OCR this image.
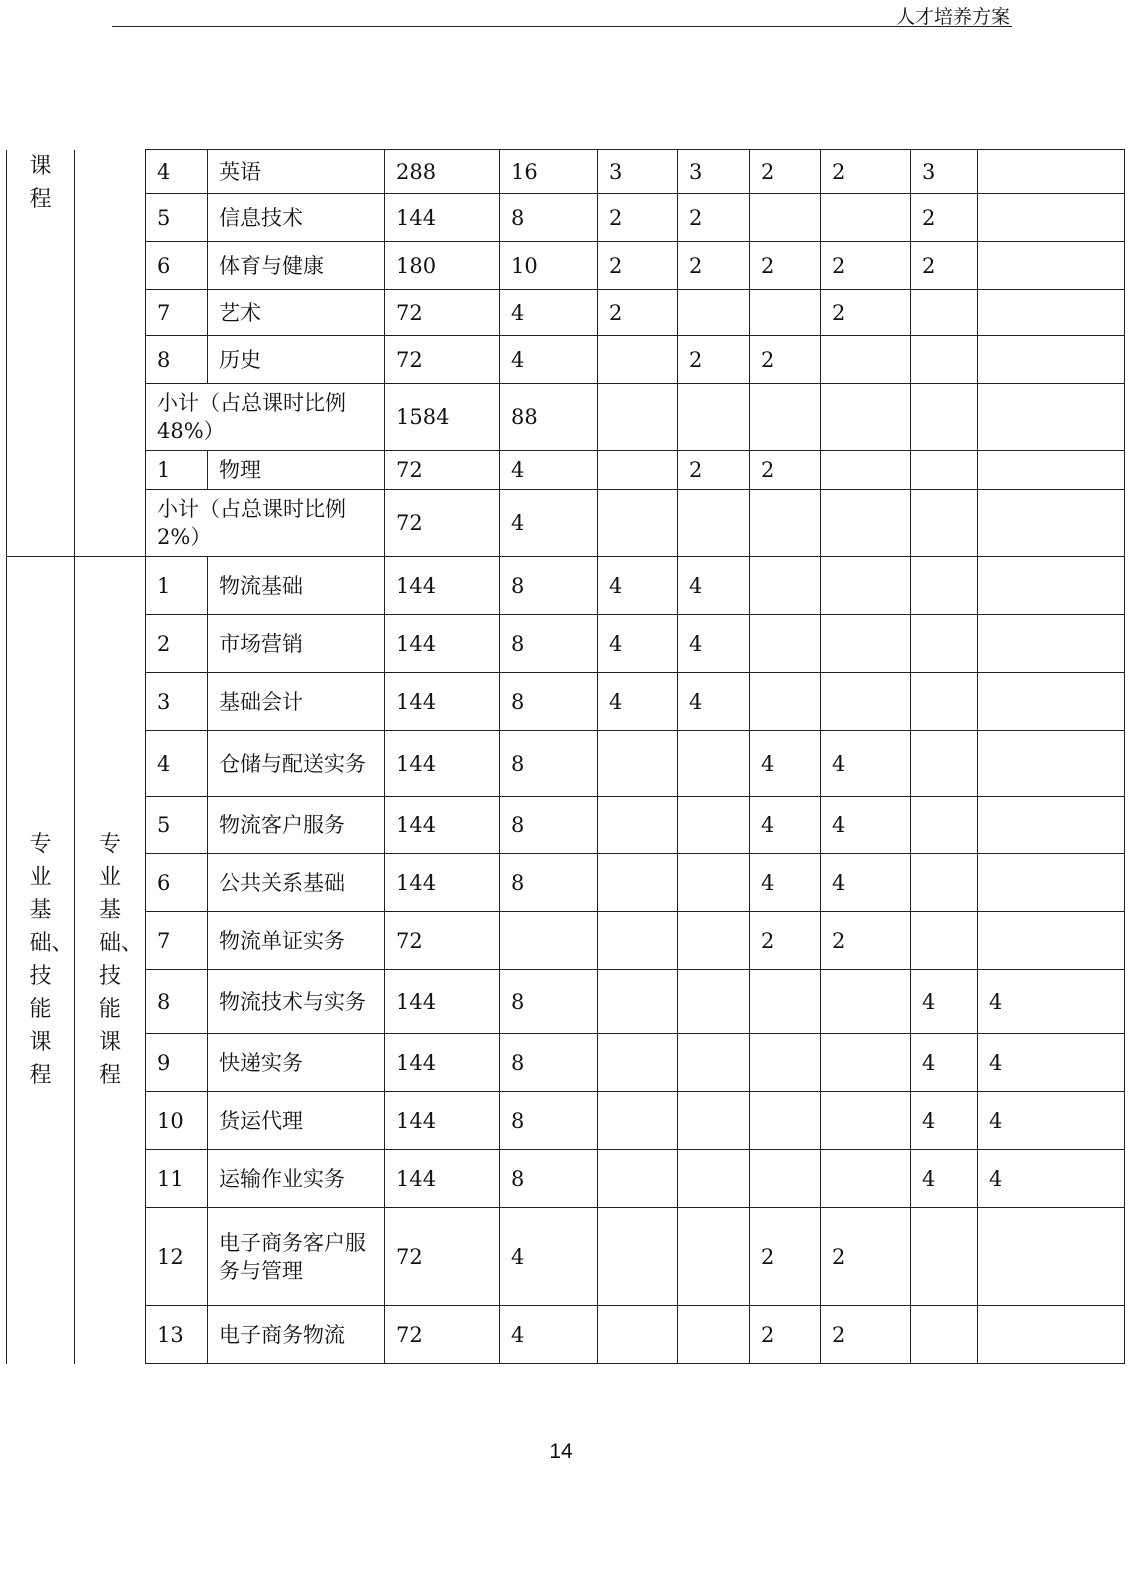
人才培养方案
课程		4	英语	288	16	3	3	2	2	3	
		5	信息技术	144	8	2	2			2	
		6	体育与健康	180	10	2	2	2	2	2	
		7	艺术	72	4	2			2		
		8	历史	72	4		2	2			
		小计（占总课时比例 48%）		1584	88						
		1	物理	72	4		2	2			
		小计（占总课时比例 2%）		72	4						
专业基础、技能课程	专业基础、技能课程	1	物流基础	144	8	4	4				
		2	市场营销	144	8	4	4				
		3	基础会计	144	8	4	4				
		4	仓储与配送实务	144	8			4	4		
		5	物流客户服务	144	8			4	4		
		6	公共关系基础	144	8			4	4		
		7	物流单证实务	72				2	2		
		8	物流技术与实务	144	8					4	4
		9	快递实务	144	8					4	4
		10	货运代理	144	8					4	4
		11	运输作业实务	144	8					4	4
		12	电子商务客户服务与管理	72	4			2	2		
		13	电子商务物流	72	4			2	2		
14
